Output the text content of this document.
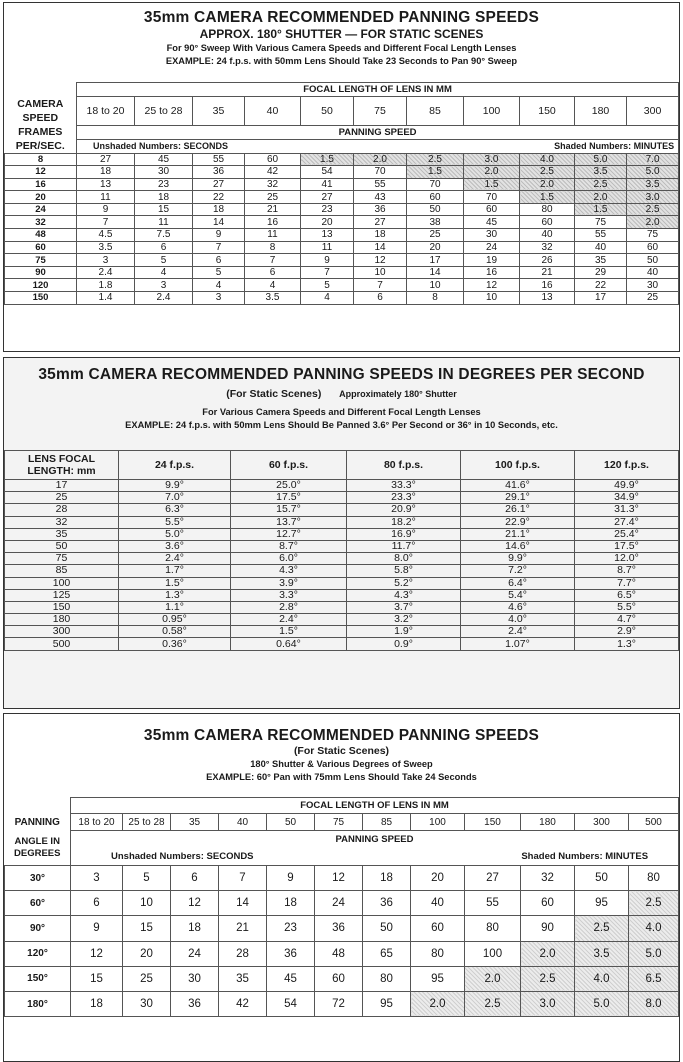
35mm CAMERA RECOMMENDED PANNING SPEEDS
APPROX. 180° SHUTTER — FOR STATIC SCENES
For 90° Sweep With Various Camera Speeds and Different Focal Length Lenses
EXAMPLE: 24 f.p.s. with 50mm Lens Should Take 23 Seconds to Pan 90° Sweep
	FOCAL LENGTH OF LENS IN MM										
CAMERA SPEED FRAMES PER/SEC.	18 to 20	25 to 28	35	40	50	75	85	100	150	180	300
	PANNING SPEED										
	Unshaded Numbers: SECONDS						Shaded Numbers: MINUTES				
8	27	45	55	60	1.5	2.0	2.5	3.0	4.0	5.0	7.0
12	18	30	36	42	54	70	1.5	2.0	2.5	3.5	5.0
16	13	23	27	32	41	55	70	1.5	2.0	2.5	3.5
20	11	18	22	25	27	43	60	70	1.5	2.0	3.0
24	9	15	18	21	23	36	50	60	80	1.5	2.5
32	7	11	14	16	20	27	38	45	60	75	2.0
48	4.5	7.5	9	11	13	18	25	30	40	55	75
60	3.5	6	7	8	11	14	20	24	32	40	60
75	3	5	6	7	9	12	17	19	26	35	50
90	2.4	4	5	6	7	10	14	16	21	29	40
120	1.8	3	4	4	5	7	10	12	16	22	30
150	1.4	2.4	3	3.5	4	6	8	10	13	17	25
35mm CAMERA RECOMMENDED PANNING SPEEDS IN DEGREES PER SECOND
(For Static Scenes) Approximately 180° Shutter
For Various Camera Speeds and Different Focal Length Lenses
EXAMPLE: 24 f.p.s. with 50mm Lens Should Be Panned 3.6° Per Second or 36° in 10 Seconds, etc.
LENS FOCAL LENGTH: mm	24 f.p.s.	60 f.p.s.	80 f.p.s.	100 f.p.s.	120 f.p.s.
17	9.9°	25.0°	33.3°	41.6°	49.9°
25	7.0°	17.5°	23.3°	29.1°	34.9°
28	6.3°	15.7°	20.9°	26.1°	31.3°
32	5.5°	13.7°	18.2°	22.9°	27.4°
35	5.0°	12.7°	16.9°	21.1°	25.4°
50	3.6°	8.7°	11.7°	14.6°	17.5°
75	2.4°	6.0°	8.0°	9.9°	12.0°
85	1.7°	4.3°	5.8°	7.2°	8.7°
100	1.5°	3.9°	5.2°	6.4°	7.7°
125	1.3°	3.3°	4.3°	5.4°	6.5°
150	1.1°	2.8°	3.7°	4.6°	5.5°
180	0.95°	2.4°	3.2°	4.0°	4.7°
300	0.58°	1.5°	1.9°	2.4°	2.9°
500	0.36°	0.64°	0.9°	1.07°	1.3°
35mm CAMERA RECOMMENDED PANNING SPEEDS
(For Static Scenes)
180° Shutter & Various Degrees of Sweep
EXAMPLE: 60° Pan with 75mm Lens Should Take 24 Seconds
	FOCAL LENGTH OF LENS IN MM											
PANNING	18 to 20	25 to 28	35	40	50	75	85	100	150	180	300	500
ANGLE IN DEGREES	PANNING SPEED											
	Unshaded Numbers: SECONDS						Shaded Numbers: MINUTES					
30°	3	5	6	7	9	12	18	20	27	32	50	80
60°	6	10	12	14	18	24	36	40	55	60	95	2.5
90°	9	15	18	21	23	36	50	60	80	90	2.5	4.0
120°	12	20	24	28	36	48	65	80	100	2.0	3.5	5.0
150°	15	25	30	35	45	60	80	95	2.0	2.5	4.0	6.5
180°	18	30	36	42	54	72	95	2.0	2.5	3.0	5.0	8.0
